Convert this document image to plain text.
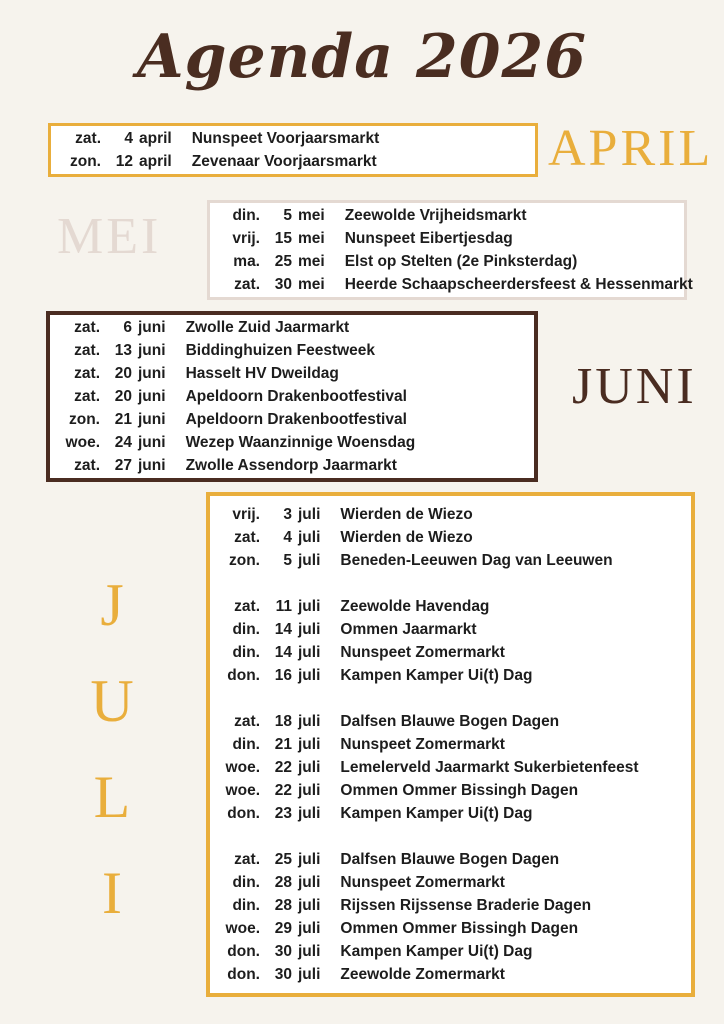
Agenda 2026
zat.	4 april	Nunspeet Voorjaarsmarkt
zon. 12 april	Zevenaar Voorjaarsmarkt	APRIL
MEI	din.	5 mei	Zeewolde Vrijheidsmarkt
vrij. 15 mei	Nunspeet Eibertjesdag
ma. 25 mei	Elst op Stelten (2e Pinksterdag)
zat. 30 mei	Heerde Schaapscheerdersfeest & Hessenmarkt
zat.	6 juni	Zwolle Zuid Jaarmarkt
zat. 13 juni	Biddinghuizen Feestweek
zat. 20 juni	Hasselt HV Dweildag
zat. 20 juni	Apeldoorn Drakenbootfestival
zon. 21 juni	Apeldoorn Drakenbootfestival
woe. 24 juni	Wezep Waanzinnige Woensdag
zat. 27 juni	Zwolle Assendorp Jaarmarkt
JUNI
JULI
vrij.	3 juli	Wierden de Wiezo
zat.	4 juli	Wierden de Wiezo
zon.	5 juli	Beneden-Leeuwen Dag van Leeuwen
zat.	11 juli	Zeewolde Havendag
din. 14 juli	Ommen Jaarmarkt
din. 14 juli	Nunspeet Zomermarkt
don. 16 juli	Kampen Kamper Ui(t) Dag
zat. 18 juli	Dalfsen Blauwe Bogen Dagen
din. 21 juli	Nunspeet Zomermarkt
woe. 22 juli	Lemelerveld Jaarmarkt Sukerbietenfeest
woe. 22 juli	Ommen Ommer Bissingh Dagen
don. 23 juli	Kampen Kamper Ui(t) Dag
zat. 25 juli	Dalfsen Blauwe Bogen Dagen
din. 28 juli	Nunspeet Zomermarkt
din. 28 juli	Rijssen Rijssense Braderie Dagen
woe. 29 juli	Ommen Ommer Bissingh Dagen
don. 30 juli	Kampen Kamper Ui(t) Dag
don. 30 juli	Zeewolde Zomermarkt
